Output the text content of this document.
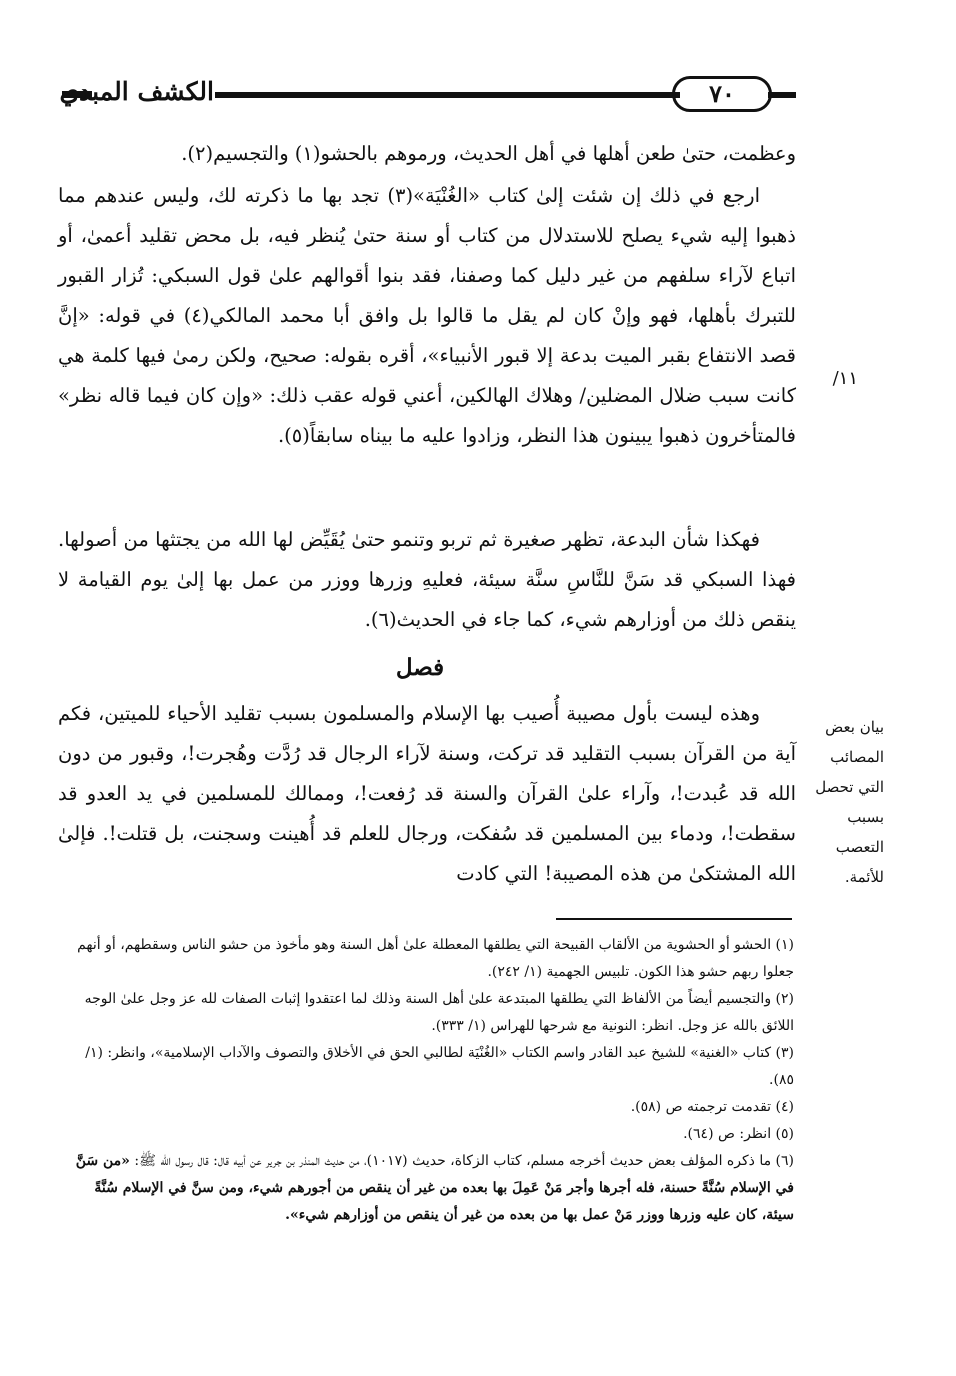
الكشف المبدي	٧٠

وعظمت، حتىٰ طعن أهلها في أهل الحديث، ورموهم بالحشو(١) والتجسيم(٢).

ارجع في ذلك إن شئت إلىٰ كتاب «الغُنْيَة»(٣) تجد بها ما ذكرته لك، وليس عندهم مما ذهبوا إليه شيء يصلح للاستدلال من كتاب أو سنة حتىٰ يُنظر فيه، بل محض تقليد أعمىٰ، أو اتباع لآراء سلفهم من غير دليل كما وصفنا، فقد بنوا أقوالهم علىٰ قول السبكي: تُزار القبور للتبرك بأهلها، فهو وإنْ كان لم يقل ما قالوا بل وافق أبا محمد المالكي(٤) في قوله: «إنَّ قصد الانتفاع بقبر الميت بدعة إلا قبور الأنبياء»، أقره بقوله: صحيح، ولكن رمىٰ فيها كلمة هي كانت سبب ضلال المضلين/ وهلاك الهالكين، أعني قوله عقب ذلك: «وإن كان فيما قاله نظر» فالمتأخرون ذهبوا يبينون هذا النظر، وزادوا عليه ما بيناه سابقاً(٥).

فهكذا شأن البدعة، تظهر صغيرة ثم تربو وتنمو حتىٰ يُقَيِّض لها الله من يجتثها من أصولها. فهذا السبكي قد سَنَّ للنَّاسِ سنَّة سيئة، فعليهِ وزرها ووزر من عمل بها إلىٰ يوم القيامة لا ينقص ذلك من أوزارهم شيء، كما جاء في الحديث(٦).

فصل

وهذه ليست بأول مصيبة أُصيب بها الإسلام والمسلمون بسبب تقليد الأحياء للميتين، فكم آية من القرآن بسبب التقليد قد تركت، وسنة لآراء الرجال قد رُدَّت وهُجرت!، وقبور من دون الله قد عُبدت!، وآراء علىٰ القرآن والسنة قد رُفعت!، وممالك للمسلمين في يد العدو قد سقطت!، ودماء بين المسلمين قد سُفكت، ورجال للعلم قد أُهينت وسجنت، بل قتلت!. فإلىٰ الله المشتكىٰ من هذه المصيبة! التي كادت

١١/
بيان بعض المصائب التي تحصل بسبب التعصب للأئمة.
(١) الحشو أو الحشوية من الألقاب القبيحة التي يطلقها المعطلة علىٰ أهل السنة وهو مأخوذ من حشو الناس وسقطهم، أو أنهم جعلوا ربهم حشو هذا الكون. تلبيس الجهمية (١/ ٢٤٢).
(٢) والتجسيم أيضاً من الألفاظ التي يطلقها المبتدعة علىٰ أهل السنة وذلك لما اعتقدوا إثبات الصفات لله عز وجل علىٰ الوجه اللائق بالله عز وجل. انظر: النونية مع شرحها للهراس (١/ ٣٣٣).
(٣) كتاب «الغنية» للشيخ عبد القادر واسم الكتاب «الغُنْيَة لطالبي الحق في الأخلاق والتصوف والآداب الإسلامية»، وانظر: (١/ ٨٥).
(٤) تقدمت ترجمته ص (٥٨).
(٥) انظر: ص (٦٤).
(٦) ما ذكره المؤلف بعض حديث أخرجه مسلم، كتاب الزكاة، حديث (١٠١٧)، من حديث المنذر بن جرير عن أبيه قال: قال رسول الله ﷺ: «من سَنَّ في الإسلام سُنَّةً حسنة، فله أجرها وأجر مَنْ عَمِلَ بها بعده من غير أن ينقص من أجورهم شيء، ومن سنَّ في الإسلام سُنَّةً سيئة، كان عليه وزرها ووزر مَنْ عمل بها من بعده من غير أن ينقص من أوزارهم شيء».
